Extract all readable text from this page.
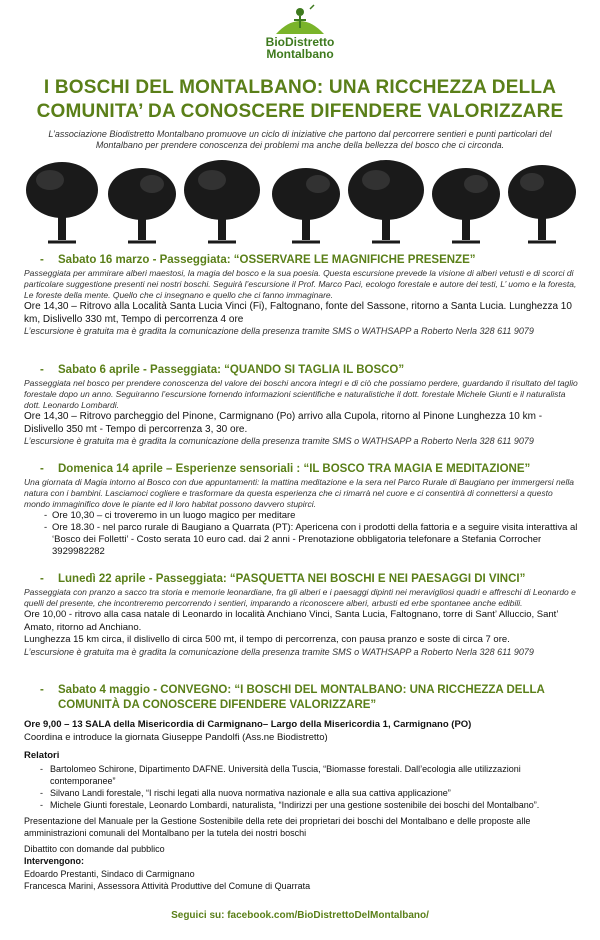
BioDistretto
Montalbano
I BOSCHI DEL MONTALBANO: UNA RICCHEZZA DELLA
COMUNITA’ DA CONOSCERE DIFENDERE VALORIZZARE
L’associazione Biodistretto Montalbano promuove un ciclo di iniziative che partono dal percorrere sentieri e punti particolari del Montalbano per prendere conoscenza dei problemi ma anche della bellezza del bosco che ci circonda.
- Sabato 16 marzo - Passeggiata: “OSSERVARE LE MAGNIFICHE PRESENZE”
Passeggiata per ammirare alberi maestosi, la magia del bosco e la sua poesia. Questa escursione prevede la visione di alberi vetusti e di scorci di particolare suggestione presenti nei nostri boschi. Seguirà l’escursione il Prof. Marco Paci, ecologo forestale e autore dei testi, L’ uomo e la foresta, Le foreste della mente. Quello che ci insegnano e quello che ci fanno immaginare.
Ore 14,30 – Ritrovo alla Località Santa Lucia Vinci (Fi), Faltognano, fonte del Sassone, ritorno a Santa Lucia. Lunghezza 10 km, Dislivello 330 mt, Tempo di percorrenza 4 ore
L’escursione è gratuita ma è gradita la comunicazione della presenza tramite SMS o WATHSAPP a Roberto Nerla 328 611 9079
- Sabato 6 aprile - Passeggiata: “QUANDO SI TAGLIA IL BOSCO”
Passeggiata nel bosco per prendere conoscenza del valore dei boschi ancora integri e di ciò che possiamo perdere, guardando il risultato del taglio forestale dopo un anno. Seguiranno l’escursione fornendo informazioni scientifiche e naturalistiche il dott. forestale Michele Giunti e il naturalista dott. Leonardo Lombardi.
Ore 14,30 – Ritrovo parcheggio del Pinone, Carmignano (Po) arrivo alla Cupola, ritorno al Pinone Lunghezza 10 km - Dislivello 350 mt - Tempo di percorrenza 3, 30 ore.
L’escursione è gratuita ma è gradita la comunicazione della presenza tramite SMS o WATHSAPP a Roberto Nerla 328 611 9079
- Domenica 14 aprile – Esperienze sensoriali : “IL BOSCO TRA MAGIA E MEDITAZIONE”
Una giornata di Magia intorno al Bosco con due appuntamenti: la mattina meditazione e la sera nel Parco Rurale di Baugiano per immergersi nella natura con i bambini. Lasciamoci cogliere e trasformare da questa esperienza che ci rimarrà nel cuore e ci consentirà di connettersi a questo mondo immaginifico dove le piante ed il loro habitat possono davvero stupirci.
- Ore 10,30 – ci troveremo in un luogo magico per meditare
- Ore 18.30 - nel parco rurale di Baugiano a Quarrata (PT): Apericena con i prodotti della fattoria e a seguire visita interattiva al ‘Bosco dei Folletti’ - Costo serata 10 euro cad. dai 2 anni - Prenotazione obbligatoria telefonare a Stefania Corrocher 3929982282
- Lunedì 22 aprile - Passeggiata: “PASQUETTA NEI BOSCHI E NEI PAESAGGI DI VINCI”
Passeggiata con pranzo a sacco tra storia e memorie leonardiane, fra gli alberi e i paesaggi dipinti nei meravigliosi quadri e affreschi di Leonardo e quelli del presente, che incontreremo percorrendo i sentieri, imparando a riconoscere alberi, arbusti ed erbe spontanee anche edibili.
Ore 10,00 - ritrovo alla casa natale di Leonardo in località Anchiano Vinci, Santa Lucia, Faltognano, torre di Sant’ Alluccio, Sant’ Amato, ritorno ad Anchiano.
Lunghezza 15 km circa, il dislivello di circa 500 mt, il tempo di percorrenza, con pausa pranzo e soste di circa 7 ore.
L’escursione è gratuita ma è gradita la comunicazione della presenza tramite SMS o WATHSAPP a Roberto Nerla 328 611 9079
- Sabato 4 maggio - CONVEGNO: “I BOSCHI DEL MONTALBANO: UNA RICCHEZZA DELLA
COMUNITÀ DA CONOSCERE DIFENDERE VALORIZZARE”
Ore 9,00 – 13 SALA della Misericordia di Carmignano– Largo della Misericordia 1, Carmignano (PO)
Coordina e introduce la giornata Giuseppe Pandolfi (Ass.ne Biodistretto)
Relatori
- Bartolomeo Schirone, Dipartimento DAFNE. Università della Tuscia, “Biomasse forestali. Dall’ecologia alle utilizzazioni contemporanee”
- Silvano Landi forestale, “I rischi legati alla nuova normativa nazionale e alla sua cattiva applicazione”
- Michele Giunti forestale, Leonardo Lombardi, naturalista, “Indirizzi per una gestione sostenibile dei boschi del Montalbano”.
Presentazione del Manuale per la Gestione Sostenibile della rete dei proprietari dei boschi del Montalbano e delle proposte alle amministrazioni comunali del Montalbano per la tutela dei nostri boschi
Dibattito con domande dal pubblico
Intervengono:
Edoardo Prestanti, Sindaco di Carmignano
Francesca Marini, Assessora Attività Produttive del Comune di Quarrata
Seguici su: facebook.com/BioDistrettoDelMontalbano/
